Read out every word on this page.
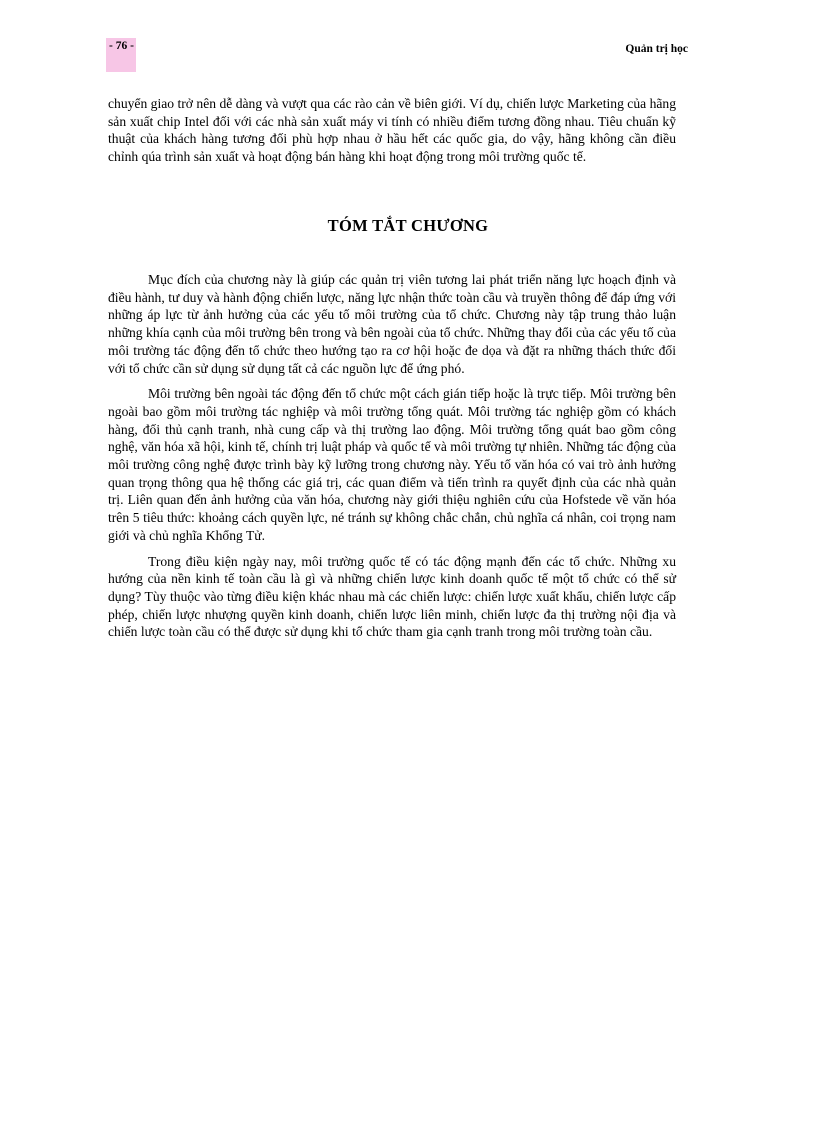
- 76 -	Quản trị học

chuyển giao trở nên dễ dàng và vượt qua các rào cản về biên giới. Ví dụ, chiến lược Marketing của hãng sản xuất chip Intel đối với các nhà sản xuất máy vi tính có nhiều điểm tương đồng nhau. Tiêu chuẩn kỹ thuật của khách hàng tương đối phù hợp nhau ở hầu hết các quốc gia, do vậy, hãng không cần điều chỉnh qúa trình sản xuất và hoạt động bán hàng khi hoạt động trong môi trường quốc tế.

TÓM TẮT CHƯƠNG

Mục đích của chương này là giúp các quản trị viên tương lai phát triển năng lực hoạch định và điều hành, tư duy và hành động chiến lược, năng lực nhận thức toàn cầu và truyền thông để đáp ứng với những áp lực từ ảnh hưởng của các yếu tố môi trường của tổ chức. Chương này tập trung thảo luận những khía cạnh của môi trường bên trong và bên ngoài của tổ chức. Những thay đổi của các yếu tố của môi trường tác động đến tổ chức theo hướng tạo ra cơ hội hoặc đe dọa và đặt ra những thách thức đối với tổ chức cần sử dụng sử dụng tất cả các nguồn lực để ứng phó.

Môi trường bên ngoài tác động đến tổ chức một cách gián tiếp hoặc là trực tiếp. Môi trường bên ngoài bao gồm môi trường tác nghiệp và môi trường tổng quát. Môi trường tác nghiệp gồm có khách hàng, đối thủ cạnh tranh, nhà cung cấp và thị trường lao động. Môi trường tổng quát bao gồm công nghệ, văn hóa xã hội, kinh tế, chính trị luật pháp và quốc tế và môi trường tự nhiên. Những tác động của môi trường công nghệ được trình bày kỹ lưỡng trong chương này. Yếu tố văn hóa có vai trò ảnh hưởng quan trọng thông qua hệ thống các giá trị, các quan điểm và tiến trình ra quyết định của các nhà quản trị. Liên quan đến ảnh hưởng của văn hóa, chương này giới thiệu nghiên cứu của Hofstede về văn hóa trên 5 tiêu thức: khoảng cách quyền lực, né tránh sự không chắc chắn, chủ nghĩa cá nhân, coi trọng nam giới và chủ nghĩa Khổng Tử.

Trong điều kiện ngày nay, môi trường quốc tế có tác động mạnh đến các tổ chức. Những xu hướng của nền kinh tế toàn cầu là gì và những chiến lược kinh doanh quốc tế một tổ chức có thể sử dụng? Tùy thuộc vào từng điều kiện khác nhau mà các chiến lược: chiến lược xuất khẩu, chiến lược cấp phép, chiến lược nhượng quyền kinh doanh, chiến lược liên minh, chiến lược đa thị trường nội địa và chiến lược toàn cầu có thể được sử dụng khi tổ chức tham gia cạnh tranh trong môi trường toàn cầu.
